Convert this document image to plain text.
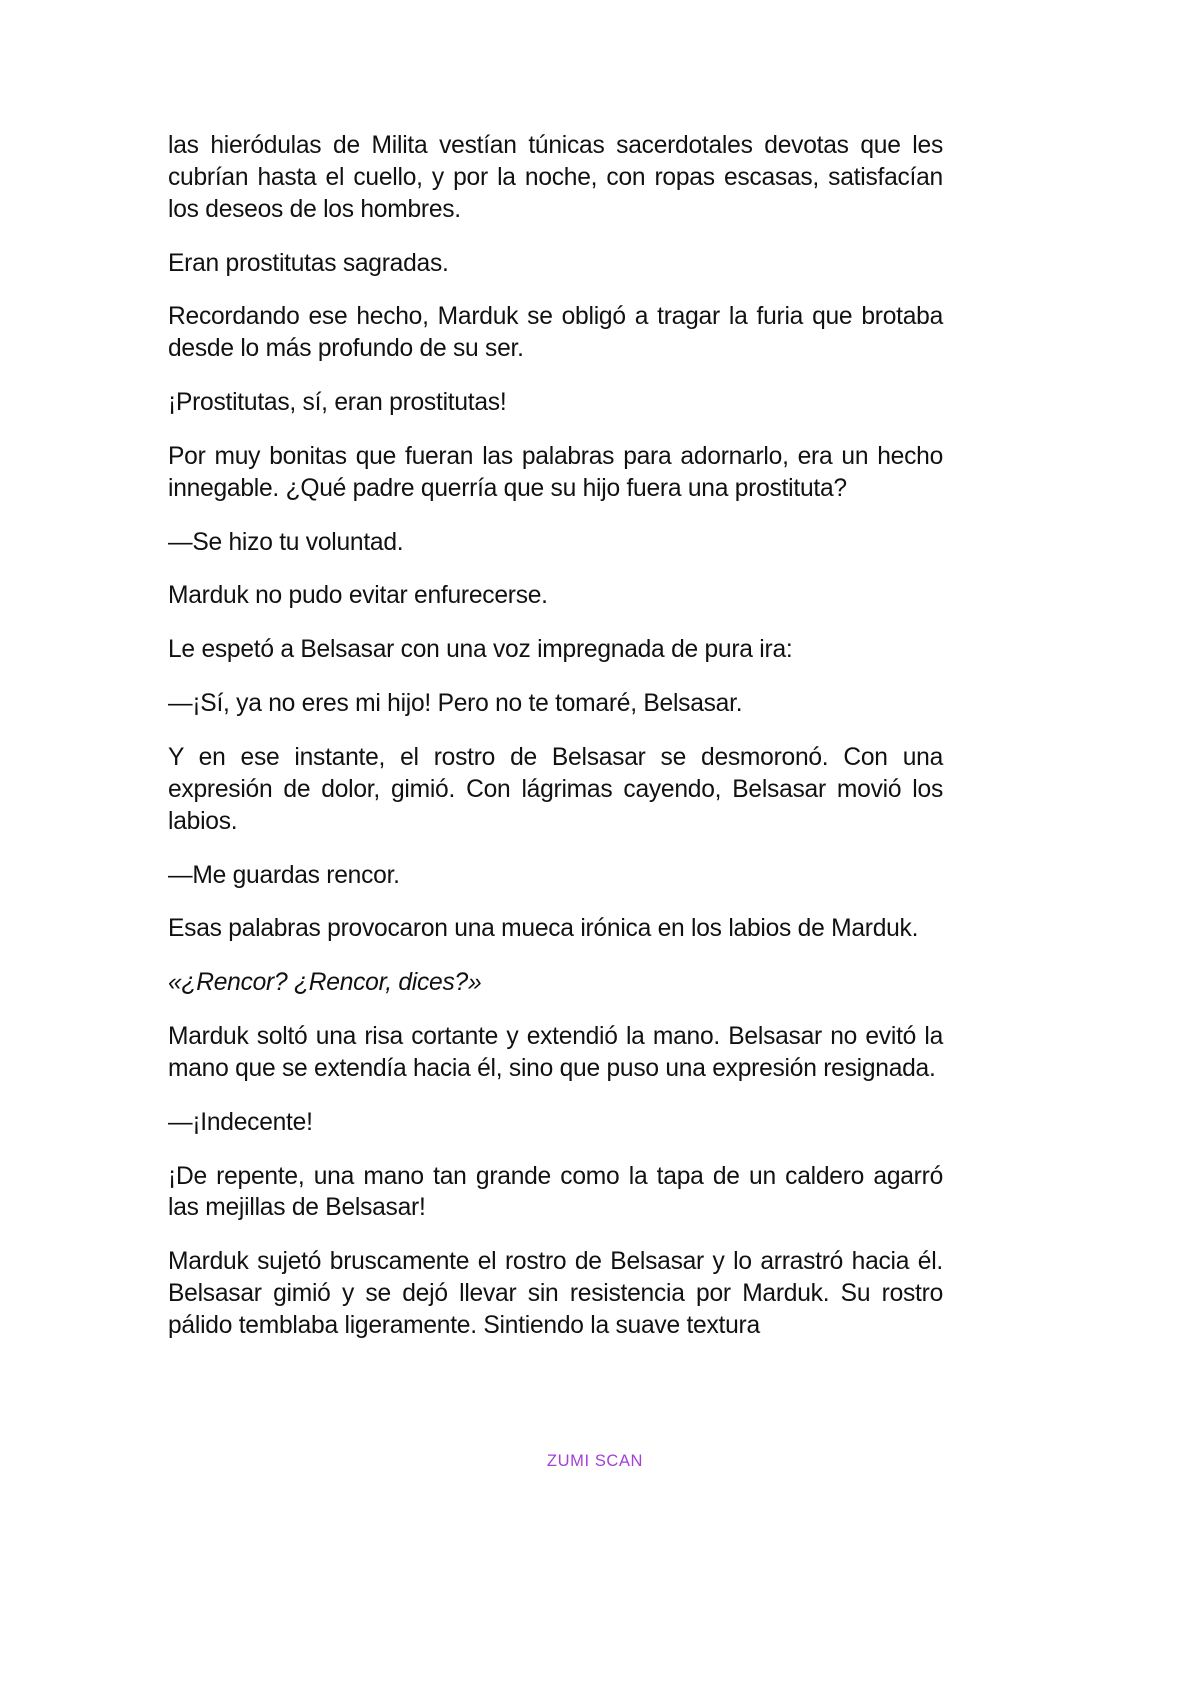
las hieródulas de Milita vestían túnicas sacerdotales devotas que les cubrían hasta el cuello, y por la noche, con ropas escasas, satisfacían los deseos de los hombres.

Eran prostitutas sagradas.

Recordando ese hecho, Marduk se obligó a tragar la furia que brotaba desde lo más profundo de su ser.

¡Prostitutas, sí, eran prostitutas!

Por muy bonitas que fueran las palabras para adornarlo, era un hecho innegable. ¿Qué padre querría que su hijo fuera una prostituta?

—Se hizo tu voluntad.

Marduk no pudo evitar enfurecerse.

Le espetó a Belsasar con una voz impregnada de pura ira:

—¡Sí, ya no eres mi hijo! Pero no te tomaré, Belsasar.

Y en ese instante, el rostro de Belsasar se desmoronó. Con una expresión de dolor, gimió. Con lágrimas cayendo, Belsasar movió los labios.

—Me guardas rencor.

Esas palabras provocaron una mueca irónica en los labios de Marduk.

«¿Rencor? ¿Rencor, dices?»

Marduk soltó una risa cortante y extendió la mano. Belsasar no evitó la mano que se extendía hacia él, sino que puso una expresión resignada.

—¡Indecente!

¡De repente, una mano tan grande como la tapa de un caldero agarró las mejillas de Belsasar!

Marduk sujetó bruscamente el rostro de Belsasar y lo arrastró hacia él. Belsasar gimió y se dejó llevar sin resistencia por Marduk. Su rostro pálido temblaba ligeramente. Sintiendo la suave textura

ZUMI SCAN
